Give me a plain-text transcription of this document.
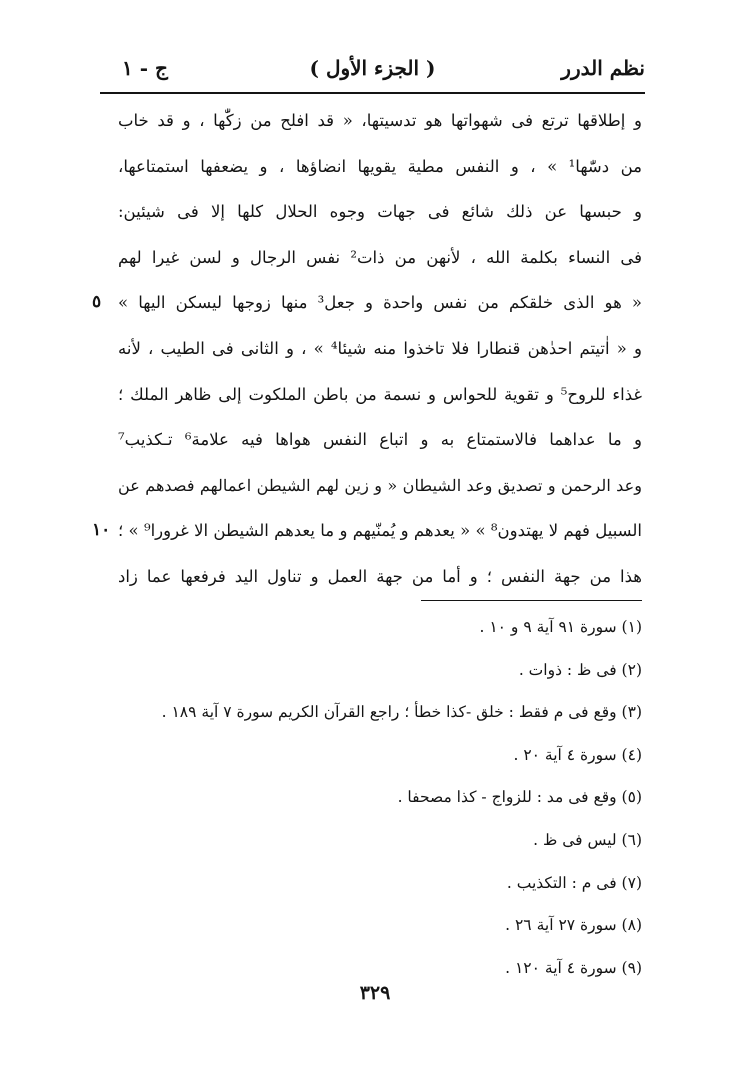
نظم الدرر
( الجزء الأول )
ج - ١
و إطلاقها ترتع فى شهواتها هو تدسيتها، « قد افلح من زكّٰها ، و قد خاب
من دسّٰها¹ » ، و النفس مطية يقويها انضاؤها ، و يضعفها استمتاعها،
و حبسها عن ذلك شائع فى جهات وجوه الحلال كلها إلا فى شيئين:
فى النساء بكلمة الله ، لأنهن من ذات² نفس الرجال و لسن غيرا لهم
« هو الذى خلقكم من نفس واحدة و جعل³ منها زوجها ليسكن اليها »
و « اٰتيتم احدٰهن قنطارا فلا تاخذوا منه شيئا⁴ » ، و الثانى فى الطيب ، لأنه
غذاء للروح⁵ و تقوية للحواس و نسمة من باطن الملكوت إلى ظاهر الملك ؛
و ما عداهما فالاستمتاع به و اتباع النفس هواها فيه علامة⁶ تـكذيب⁷
وعد الرحمن و تصديق وعد الشيطان « و زين لهم الشيطن اعمالهم فصدهم عن
السبيل فهم لا يهتدون⁸ » « يعدهم و يُمنّيهم و ما يعدهم الشيطن الا غرورا⁹ » ؛
هذا من جهة النفس ؛ و أما من جهة العمل و تناول اليد فرفعها عما زاد
٥
١٠
(١) سورة ٩١ آية ٩ و ١٠ .
(٢) فى ظ : ذوات .
(٣) وقع فى م فقط : خلق -كذا خطأ ؛ راجع القرآن الكريم سورة ٧ آية ١٨٩ .
(٤) سورة ٤ آية ٢٠ .
(٥) وقع فى مد : للزواج - كذا مصحفا .
(٦) ليس فى ظ .
(٧) فى م : التكذيب .
(٨) سورة ٢٧ آية ٢٦ .
(٩) سورة ٤ آية ١٢٠ .
٣٢٩
